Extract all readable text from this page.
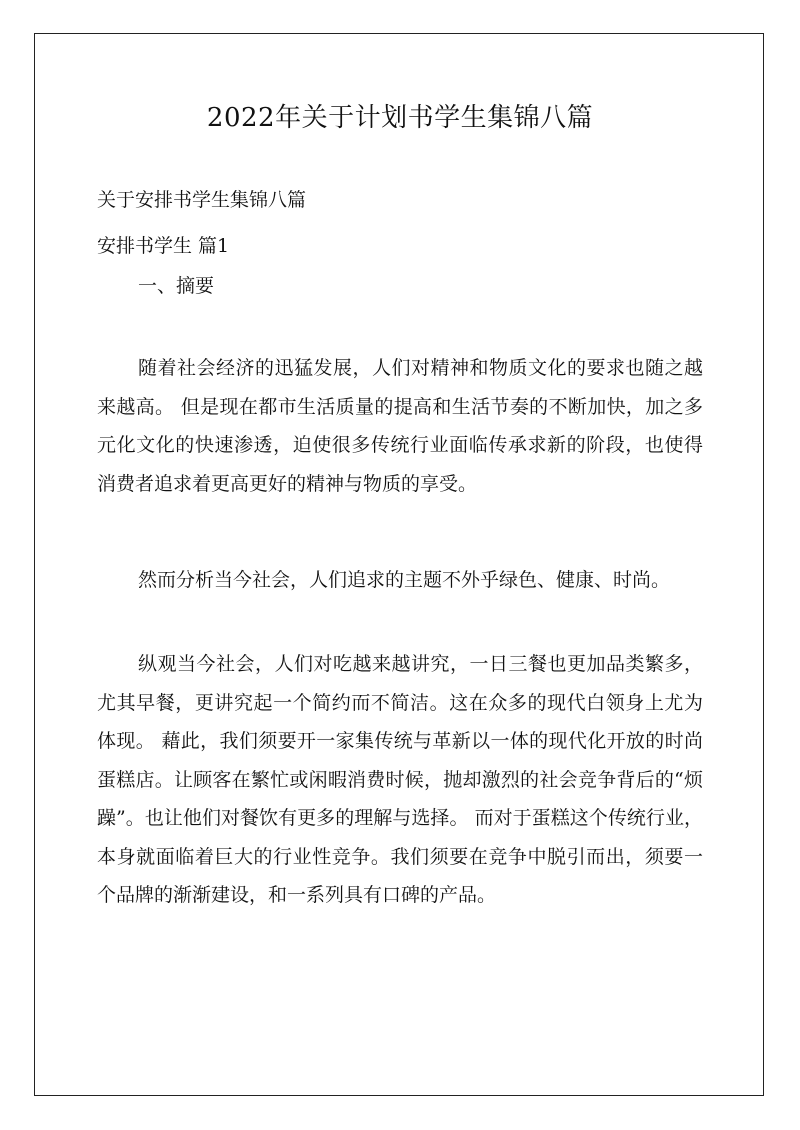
2022年关于计划书学生集锦八篇

关于安排书学生集锦八篇

安排书学生 篇1

一、摘要

随着社会经济的迅猛发展，人们对精神和物质文化的要求也随之越来越高。 但是现在都市生活质量的提高和生活节奏的不断加快，加之多元化文化的快速渗透，迫使很多传统行业面临传承求新的阶段，也使得消费者追求着更高更好的精神与物质的享受。

然而分析当今社会，人们追求的主题不外乎绿色、健康、时尚。

纵观当今社会，人们对吃越来越讲究，一日三餐也更加品类繁多，尤其早餐，更讲究起一个简约而不简洁。这在众多的现代白领身上尤为体现。 藉此，我们须要开一家集传统与革新以一体的现代化开放的时尚蛋糕店。让顾客在繁忙或闲暇消费时候，抛却激烈的社会竞争背后的“烦躁”。也让他们对餐饮有更多的理解与选择。 而对于蛋糕这个传统行业，本身就面临着巨大的行业性竞争。我们须要在竞争中脱引而出，须要一个品牌的渐渐建设，和一系列具有口碑的产品。
